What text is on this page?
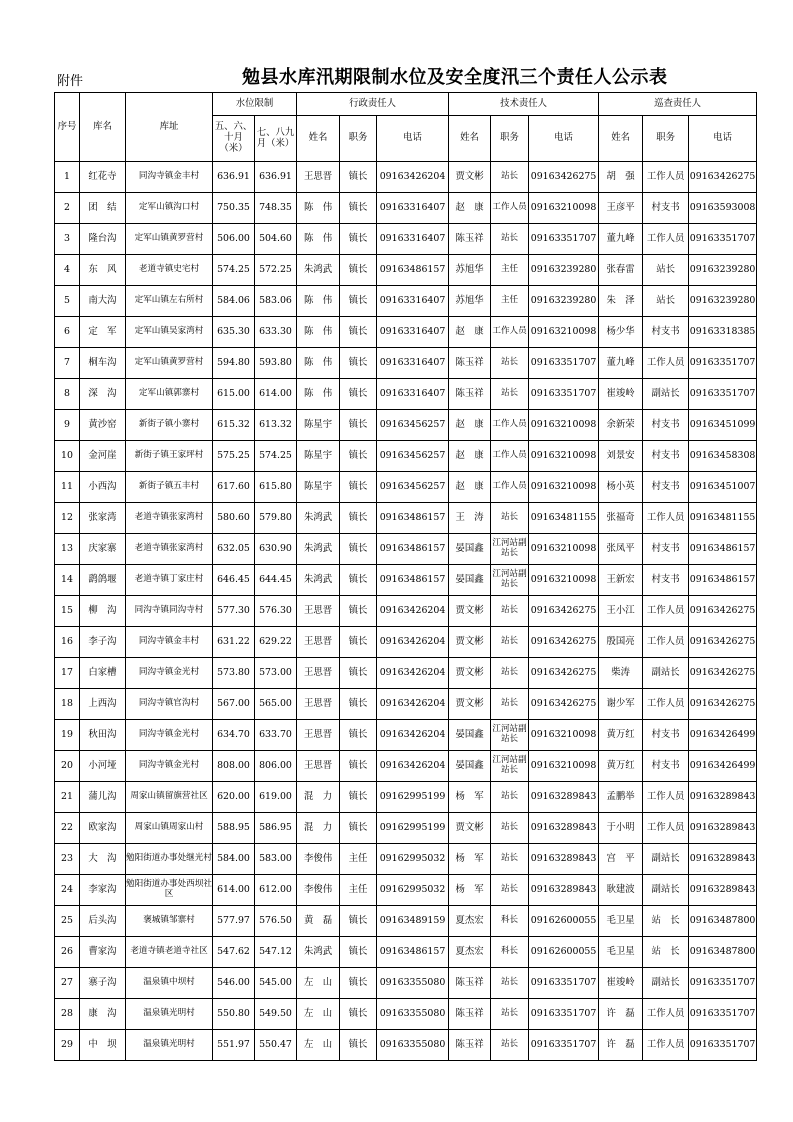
附件	勉县水库汛期限制水位及安全度汛三个责任人公示表
序号	库名	库址	水位限制		行政责任人			技术责任人			巡查责任人		
			五、六、十月（米）	七、八九月（米）	姓名	职务	电话	姓名	职务	电话	姓名	职务	电话
1	红花寺	同沟寺镇金丰村	636.91	636.91	王思晋	镇长	09163426204	贾文彬	站长	09163426275	胡　强	工作人员	09163426275
2	团　结	定军山镇沟口村	750.35	748.35	陈　伟	镇长	09163316407	赵　康	工作人员	09163210098	王彦平	村支书	09163593008
3	隆台沟	定军山镇黄罗营村	506.00	504.60	陈　伟	镇长	09163316407	陈玉祥	站长	09163351707	董九峰	工作人员	09163351707
4	东　风	老道寺镇史宅村	574.25	572.25	朱鸿武	镇长	09163486157	苏旭华	主任	09163239280	张春雷	站长	09163239280
5	南大沟	定军山镇左右所村	584.06	583.06	陈　伟	镇长	09163316407	苏旭华	主任	09163239280	朱　泽	站长	09163239280
6	定　军	定军山镇吴家湾村	635.30	633.30	陈　伟	镇长	09163316407	赵　康	工作人员	09163210098	杨少华	村支书	09163318385
7	桐车沟	定军山镇黄罗营村	594.80	593.80	陈　伟	镇长	09163316407	陈玉祥	站长	09163351707	董九峰	工作人员	09163351707
8	深　沟	定军山镇郭寨村	615.00	614.00	陈　伟	镇长	09163316407	陈玉祥	站长	09163351707	崔竣岭	副站长	09163351707
9	黄沙窑	新街子镇小寨村	615.32	613.32	陈星宇	镇长	09163456257	赵　康	工作人员	09163210098	余新荣	村支书	09163451099
10	金河崖	新街子镇王家坪村	575.25	574.25	陈星宇	镇长	09163456257	赵　康	工作人员	09163210098	刘景安	村支书	09163458308
11	小西沟	新街子镇五丰村	617.60	615.80	陈星宇	镇长	09163456257	赵　康	工作人员	09163210098	杨小英	村支书	09163451007
12	张家湾	老道寺镇张家湾村	580.60	579.80	朱鸿武	镇长	09163486157	王　涛	站长	09163481155	张福奇	工作人员	09163481155
13	庆家寨	老道寺镇张家湾村	632.05	630.90	朱鸿武	镇长	09163486157	晏国鑫	江河站副站长	09163210098	张凤平	村支书	09163486157
14	鹞鸽堰	老道寺镇丁家庄村	646.45	644.45	朱鸿武	镇长	09163486157	晏国鑫	江河站副站长	09163210098	王新宏	村支书	09163486157
15	柳　沟	同沟寺镇同沟寺村	577.30	576.30	王思晋	镇长	09163426204	贾文彬	站长	09163426275	王小江	工作人员	09163426275
16	李子沟	同沟寺镇金丰村	631.22	629.22	王思晋	镇长	09163426204	贾文彬	站长	09163426275	殷国亮	工作人员	09163426275
17	白家槽	同沟寺镇金光村	573.80	573.00	王思晋	镇长	09163426204	贾文彬	站长	09163426275	柴涛	副站长	09163426275
18	上西沟	同沟寺镇官沟村	567.00	565.00	王思晋	镇长	09163426204	贾文彬	站长	09163426275	谢少军	工作人员	09163426275
19	秋田沟	同沟寺镇金光村	634.70	633.70	王思晋	镇长	09163426204	晏国鑫	江河站副站长	09163210098	黄万红	村支书	09163426499
20	小河垭	同沟寺镇金光村	808.00	806.00	王思晋	镇长	09163426204	晏国鑫	江河站副站长	09163210098	黄万红	村支书	09163426499
21	蒲儿沟	周家山镇留旗营社区	620.00	619.00	混　力	镇长	09162995199	杨　军	站长	09163289843	孟鹏举	工作人员	09163289843
22	欧家沟	周家山镇周家山村	588.95	586.95	混　力	镇长	09162995199	贾文彬	站长	09163289843	于小明	工作人员	09163289843
23	大　沟	勉阳街道办事处继光村	584.00	583.00	李俊伟	主任	09162995032	杨　军	站长	09163289843	宫　平	副站长	09163289843
24	李家沟	勉阳街道办事处西坝社区	614.00	612.00	李俊伟	主任	09162995032	杨　军	站长	09163289843	耿建波	副站长	09163289843
25	后头沟	褒城镇邹寨村	577.97	576.50	黄　磊	镇长	09163489159	夏杰宏	科长	09162600055	毛卫星	站　长	09163487800
26	曹家沟	老道寺镇老道寺社区	547.62	547.12	朱鸿武	镇长	09163486157	夏杰宏	科长	09162600055	毛卫星	站　长	09163487800
27	寨子沟	温泉镇中坝村	546.00	545.00	左　山	镇长	09163355080	陈玉祥	站长	09163351707	崔竣岭	副站长	09163351707
28	康　沟	温泉镇光明村	550.80	549.50	左　山	镇长	09163355080	陈玉祥	站长	09163351707	许　磊	工作人员	09163351707
29	中　坝	温泉镇光明村	551.97	550.47	左　山	镇长	09163355080	陈玉祥	站长	09163351707	许　磊	工作人员	09163351707
